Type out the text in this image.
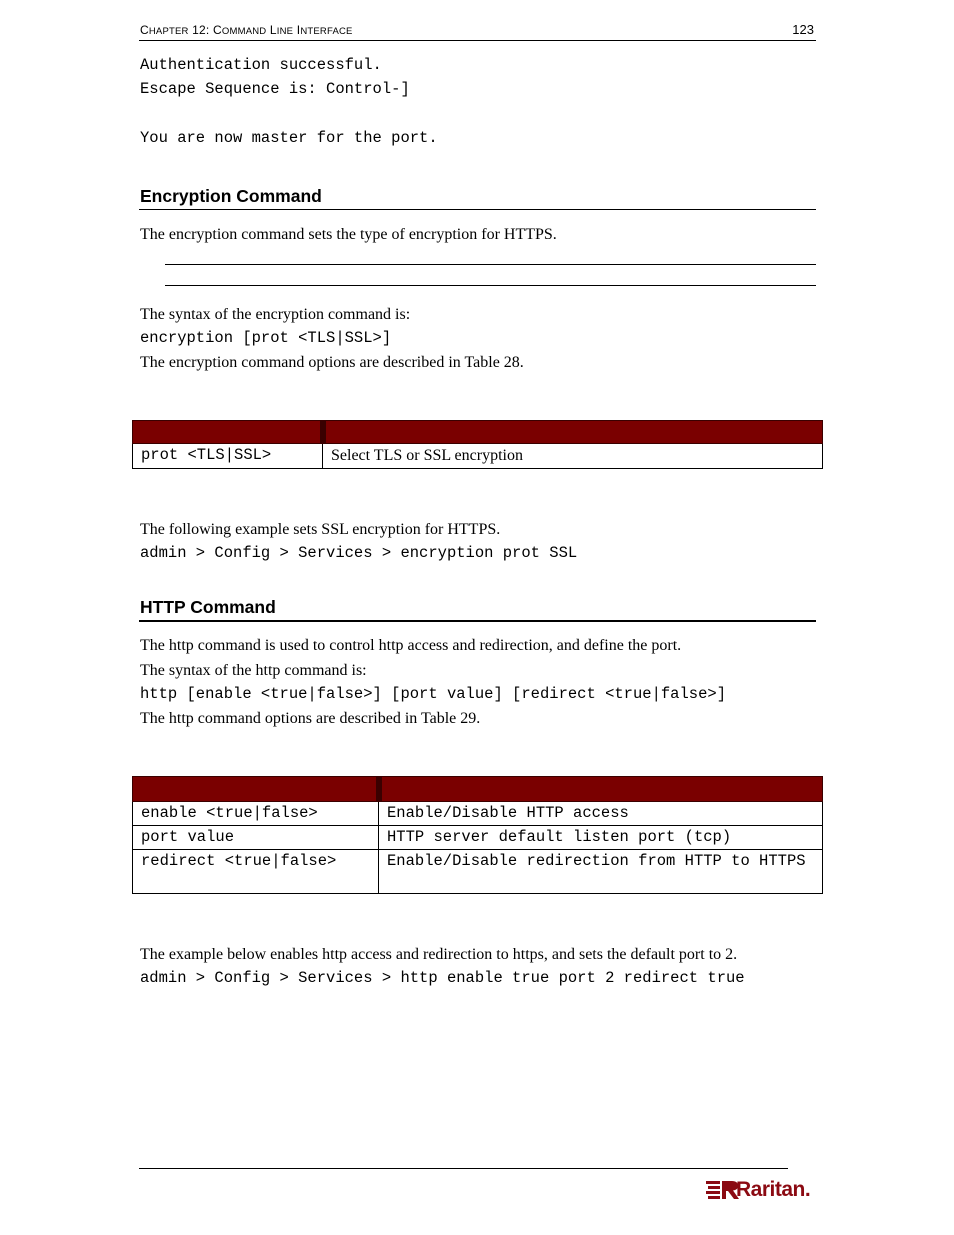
CHAPTER 12: COMMAND LINE INTERFACE	123
Authentication successful.
Escape Sequence is: Control-]
You are now master for the port.
Encryption Command
The encryption command sets the type of encryption for HTTPS.
The syntax of the encryption command is:
encryption [prot <TLS|SSL>]
The encryption command options are described in Table 28.

prot <TLS|SSL>	Select TLS or SSL encryption
The following example sets SSL encryption for HTTPS.
admin > Config > Services > encryption prot SSL
HTTP Command
The http command is used to control http access and redirection, and define the port.
The syntax of the http command is:
http [enable <true|false>] [port value] [redirect <true|false>]
The http command options are described in Table 29.

enable <true|false>	Enable/Disable HTTP access
port value	HTTP server default listen port (tcp)
redirect <true|false>	Enable/Disable redirection from HTTP to HTTPS
The example below enables http access and redirection to https, and sets the default port to 2.
admin > Config > Services > http enable true port 2 redirect true
Raritan.
